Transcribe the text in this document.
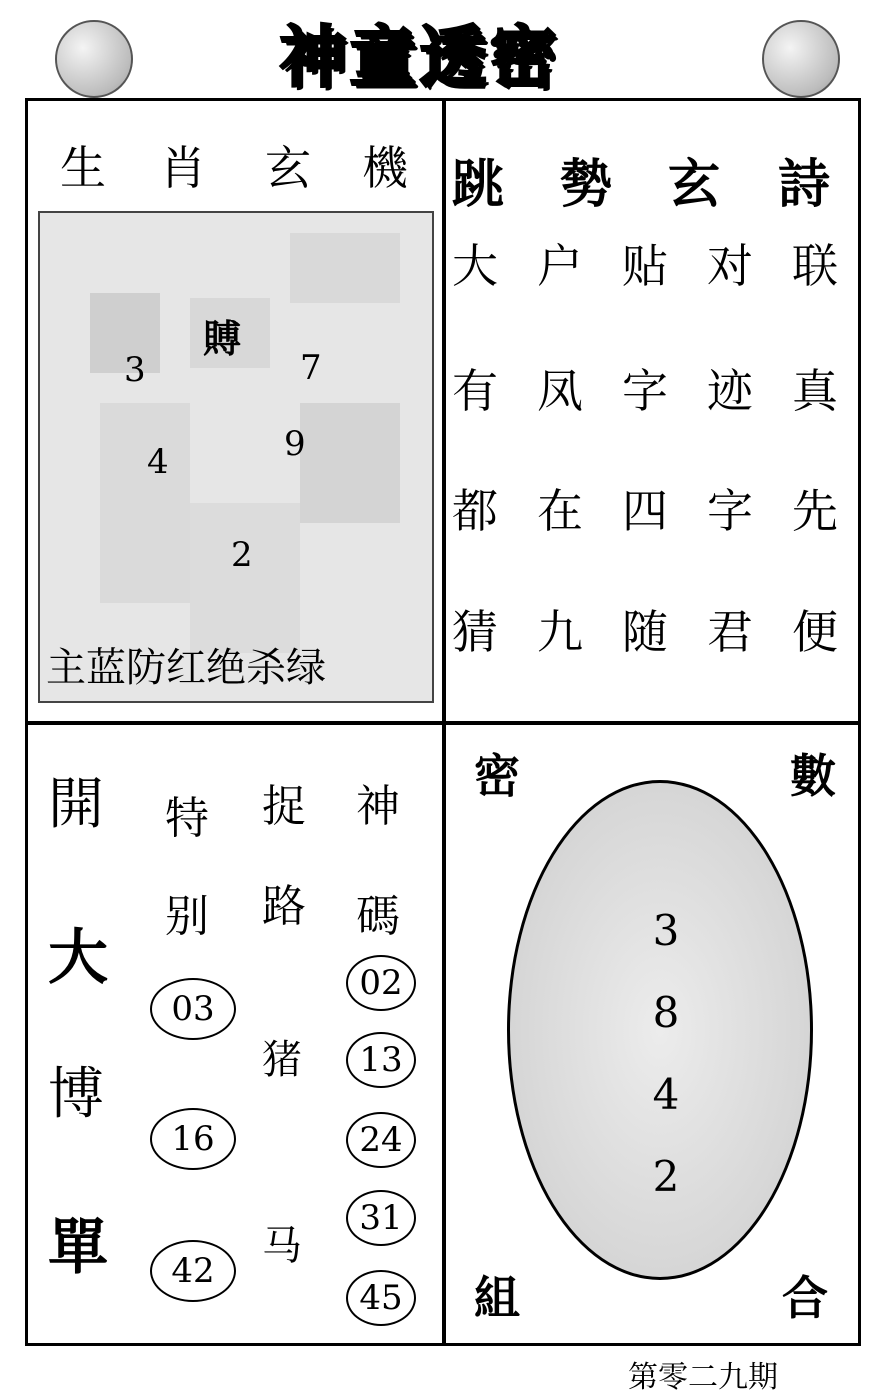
神童透密
生 肖 玄 機
賻
3	7
4	9
2
主蓝防红绝杀绿
跳 勢 玄 詩
大 户 贴 对 联
有 凤 字 迹 真
都 在 四 字 先
猜 九 随 君 便
開
大
博
單
特
别
捉
路
神
碼
03
16
42
猪
马
02
13
24
31
45
密	數
組	合
3
8
4
2
第零二九期
